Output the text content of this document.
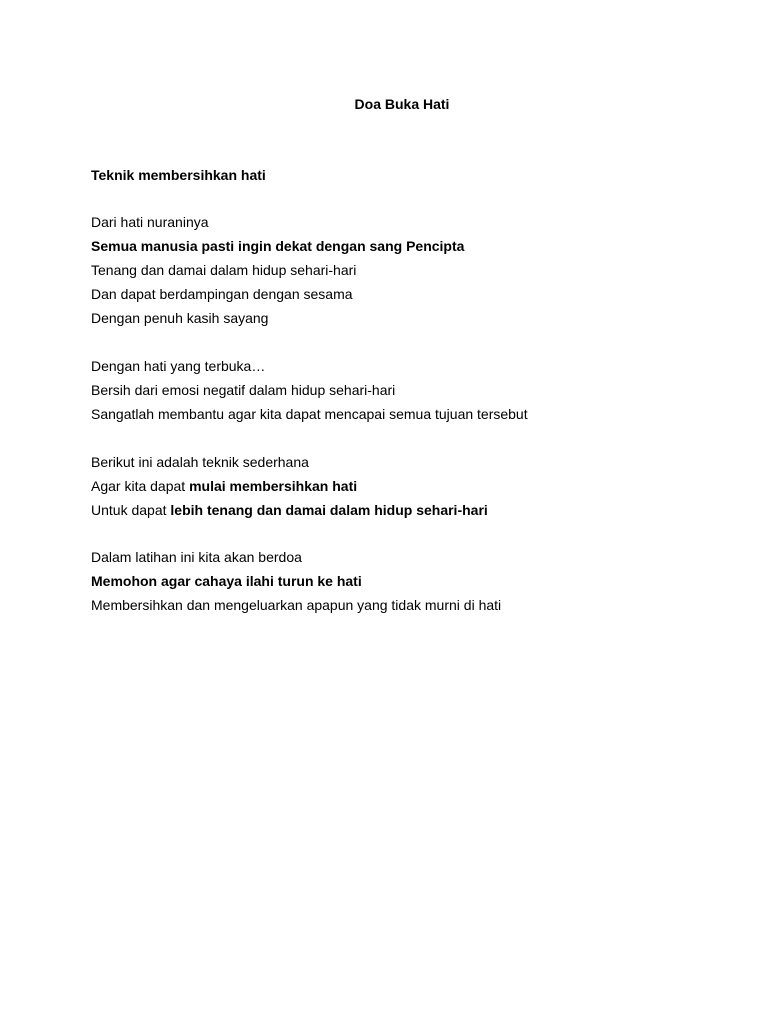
Doa Buka Hati
Teknik membersihkan hati
Dari hati nuraninya
Semua manusia pasti ingin dekat dengan sang Pencipta
Tenang dan damai dalam hidup sehari-hari
Dan dapat berdampingan dengan sesama
Dengan penuh kasih sayang
Dengan hati yang terbuka…
Bersih dari emosi negatif dalam hidup sehari-hari
Sangatlah membantu agar kita dapat mencapai semua tujuan tersebut
Berikut ini adalah teknik sederhana
Agar kita dapat mulai membersihkan hati
Untuk dapat lebih tenang dan damai dalam hidup sehari-hari
Dalam latihan ini kita akan berdoa
Memohon agar cahaya ilahi turun ke hati
Membersihkan dan mengeluarkan apapun yang tidak murni di hati
